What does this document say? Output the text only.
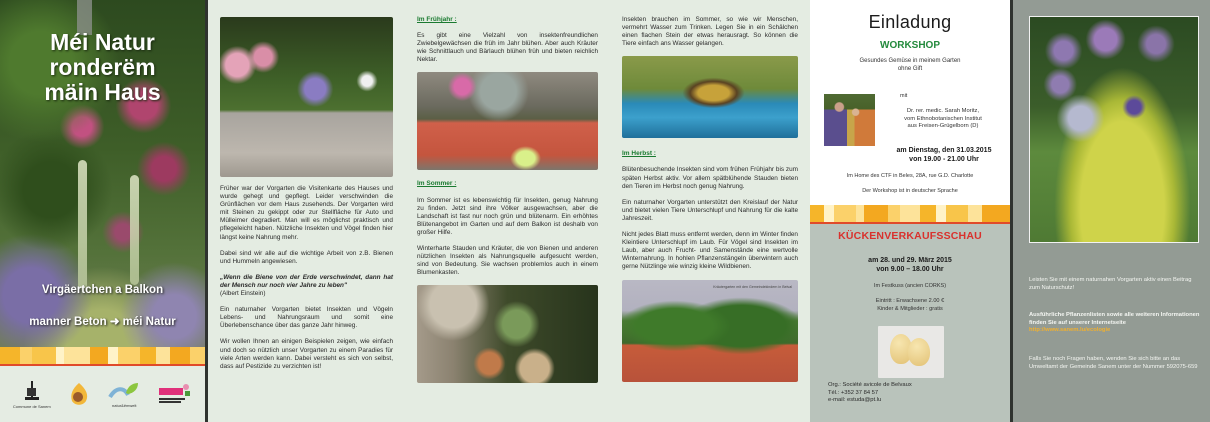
Méi Natur
ronderëm
mäin Haus
Virgäertchen a Balkon
manner Beton ➜ méi Natur
Commune de Sanem	natur&ëmwelt

Früher war der Vorgarten die Visitenkarte des Hauses und wurde gehegt und gepflegt. Leider verschwinden die Grünflächen vor dem Haus zusehends. Der Vorgarten wird mit Steinen zu gekippt oder zur Stellfläche für Auto und Mülleimer degradiert. Man will es möglichst praktisch und pflegeleicht haben. Nützliche Insekten und Vögel finden hier längst keine Nahrung mehr.

Dabei sind wir alle auf die wichtige Arbeit von z.B. Bienen und Hummeln angewiesen.

„Wenn die Biene von der Erde verschwindet, dann hat der Mensch nur noch vier Jahre zu leben"
(Albert Einstein)

Ein naturnaher Vorgarten bietet Insekten und Vögeln Lebens- und Nahrungsraum und somit eine Überlebenschance über das ganze Jahr hinweg.

Wir wollen Ihnen an einigen Beispielen zeigen, wie einfach und doch so nützlich unser Vorgarten zu einem Paradies für viele Arten werden kann. Dabei versteht es sich von selbst, dass auf Pestizide zu verzichten ist!

Im Frühjahr :

Es gibt eine Vielzahl von insektenfreundlichen Zwiebelgewächsen die früh im Jahr blühen. Aber auch Kräuter wie Schnittlauch und Bärlauch blühen früh und bieten reichlich Nektar.

Im Sommer :

Im Sommer ist es lebenswichtig für Insekten, genug Nahrung zu finden. Jetzt sind ihre Völker ausgewachsen, aber die Landschaft ist fast nur noch grün und blütenarm. Ein erhöhtes Blütenangebot im Garten und auf dem Balkon ist deshalb von großer Hilfe.

Winterharte Stauden und Kräuter, die von Bienen und anderen nützlichen Insekten als Nahrungsquelle aufgesucht werden, sind von Bedeutung. Sie wachsen problemlos auch in einem Blumenkasten.

Insekten brauchen im Sommer, so wie wir Menschen, vermehrt Wasser zum Trinken. Legen Sie in ein Schälchen einen flachen Stein der etwas herausragt. So können die Tiere einfach ans Wasser gelangen.

Im Herbst :

Blütenbesuchende Insekten sind vom frühen Frühjahr bis zum späten Herbst aktiv. Vor allem spätblühende Stauden bieten den Tieren im Herbst noch genug Nahrung.

Ein naturnaher Vorgarten unterstützt den Kreislauf der Natur und bietet vielen Tiere Unterschlupf und Nahrung für die kalte Jahreszeit.

Nicht jedes Blatt muss entfernt werden, denn im Winter finden Kleintiere Unterschlupf im Laub. Für Vögel sind Insekten im Laub, aber auch Frucht- und Samenstände eine wertvolle Winternahrung. In hohlen Pflanzenstängeln überwintern auch gerne Nützlinge wie winzig kleine Wildbienen.

Kräutergarten mit den Gemeindekindern in Belval
Einladung
WORKSHOP
Gesundes Gemüse in meinem Garten
ohne Gift
mit
Dr. rer. medic. Sarah Moritz,
vom Ethnobotanischen Institut
aus Freisen-Grügelborn (D)
am Dienstag, den 31.03.2015
von 19.00 - 21.00 Uhr
Im Home des CTF in Beles, 28A, rue G.D. Charlotte
Der Workshop ist in deutscher Sprache
KÜCKENVERKAUFSSCHAU
am 28. und 29. März 2015
von 9.00 – 18.00 Uhr
Im Festkuss (ancien CORKS)
Eintritt : Erwachsene 2.00 €
Kinder & Mitglieder : gratis
Org.: Société avicole de Belvaux
Tél.: +352 37 84 57
e-mail: estuda@pt.lu
Leisten Sie mit einem naturnahen Vorgarten aktiv einen Beitrag zum Naturschutz!
Ausführliche Pflanzenlisten sowie alle weiteren Informationen finden Sie auf unserer Internetseite
http://www.sanem.lu/ecologie
Falls Sie noch Fragen haben, wenden Sie sich bitte an das Umweltamt der Gemeinde Sanem unter der Nummer 592075-659
